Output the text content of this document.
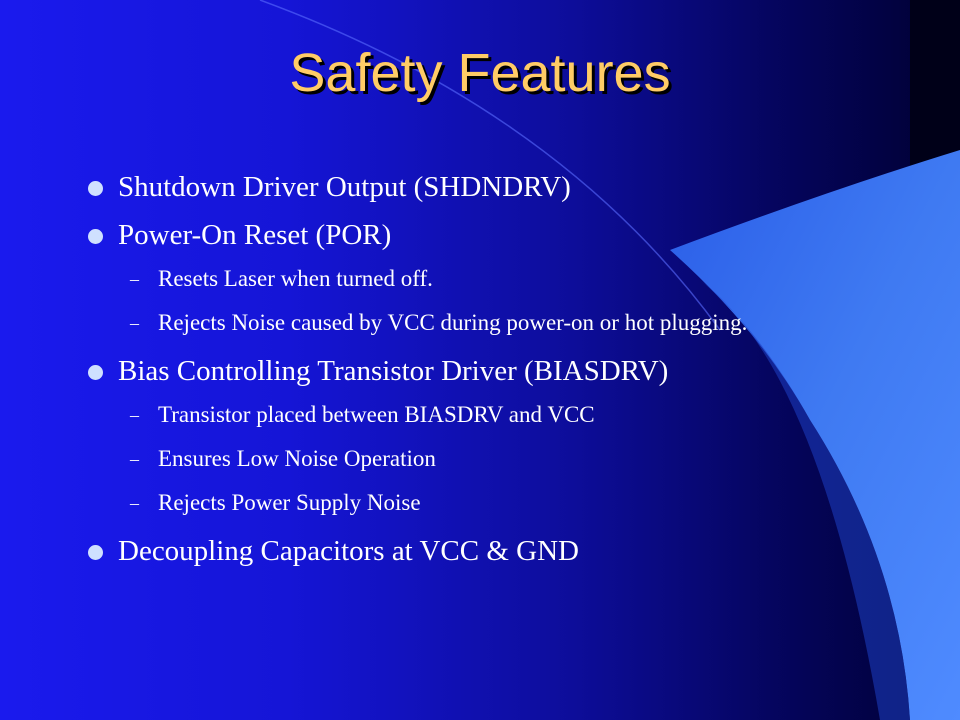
Safety Features
Shutdown Driver Output (SHDNDRV)
Power-On Reset (POR)
– Resets Laser when turned off.
– Rejects Noise caused by VCC during power-on or hot plugging.
Bias Controlling Transistor Driver (BIASDRV)
– Transistor placed between BIASDRV and VCC
– Ensures Low Noise Operation
– Rejects Power Supply Noise
Decoupling Capacitors at VCC & GND
